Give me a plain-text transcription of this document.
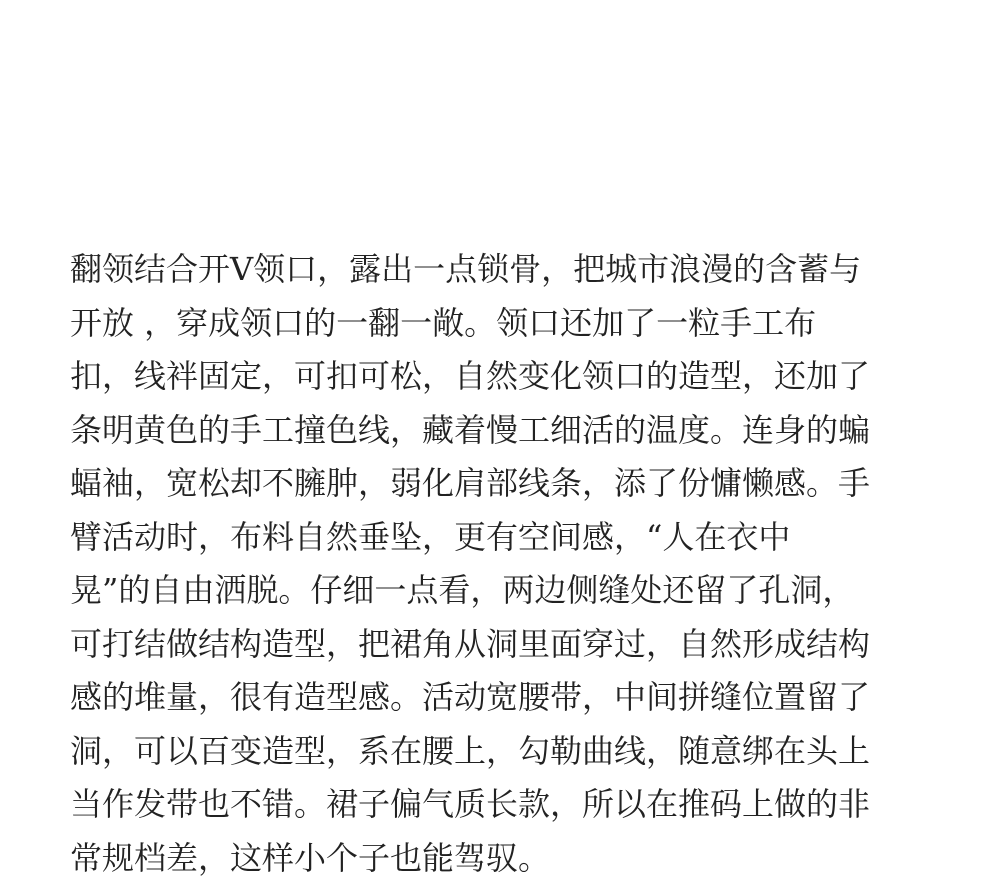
翻领结合开V领口，露出一点锁骨，把城市浪漫的含蓄与
开放 ，穿成领口的一翻一敞。领口还加了一粒手工布
扣，线袢固定，可扣可松，自然变化领口的造型，还加了
条明黄色的手工撞色线，藏着慢工细活的温度。连身的蝙
蝠袖，宽松却不臃肿，弱化肩部线条，添了份慵懒感。手
臂活动时，布料自然垂坠，更有空间感，“人在衣中
晃”的自由洒脱。仔细一点看，两边侧缝处还留了孔洞，
可打结做结构造型，把裙角从洞里面穿过，自然形成结构
感的堆量，很有造型感。活动宽腰带，中间拼缝位置留了
洞，可以百变造型，系在腰上，勾勒曲线，随意绑在头上
当作发带也不错。裙子偏气质长款，所以在推码上做的非
常规档差，这样小个子也能驾驭。
